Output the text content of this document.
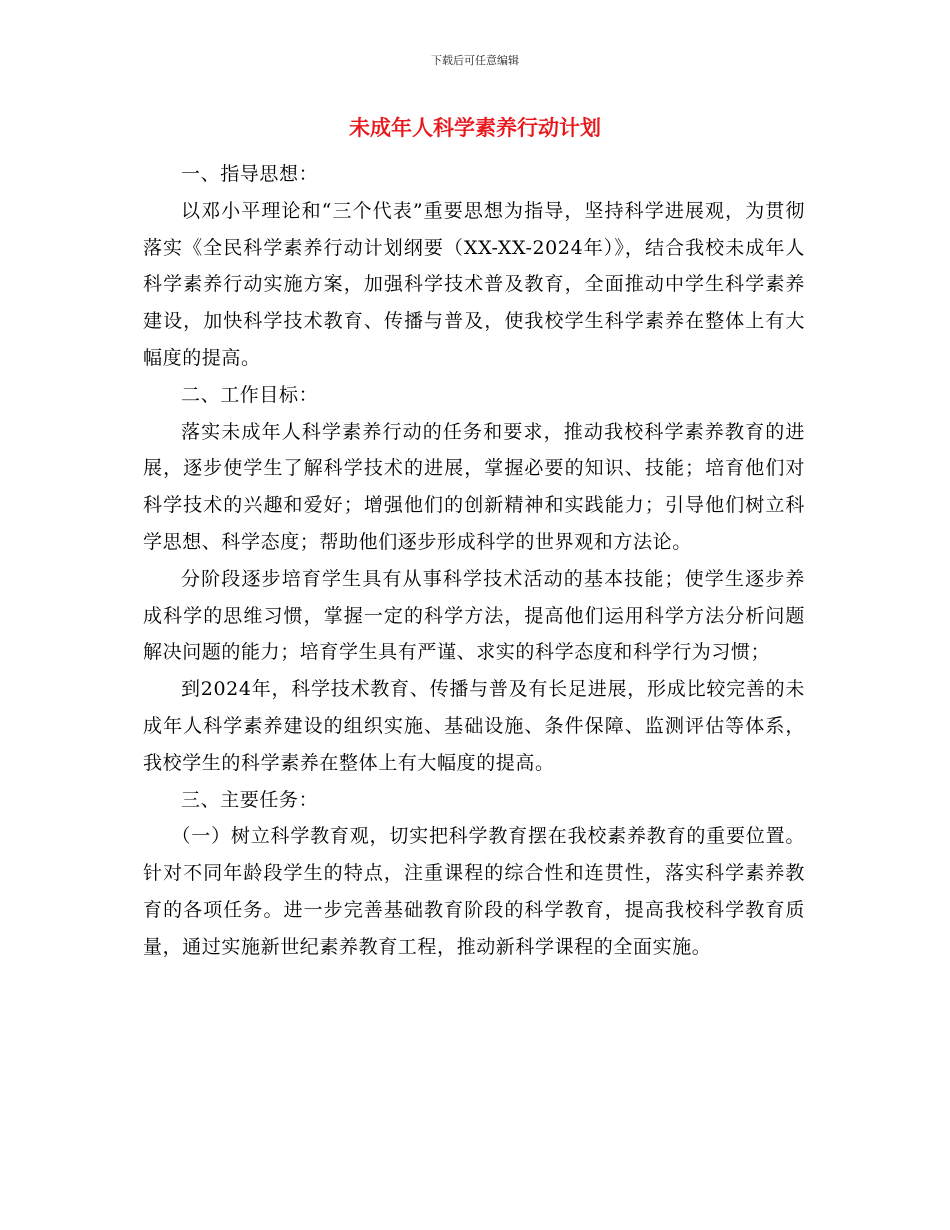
下载后可任意编辑
未成年人科学素养行动计划

一、指导思想：

以邓小平理论和“三个代表”重要思想为指导，坚持科学进展观，为贯彻落实《全民科学素养行动计划纲要（XX-XX-2024年）》，结合我校未成年人科学素养行动实施方案，加强科学技术普及教育，全面推动中学生科学素养建设，加快科学技术教育、传播与普及，使我校学生科学素养在整体上有大幅度的提高。

二、工作目标：

落实未成年人科学素养行动的任务和要求，推动我校科学素养教育的进展，逐步使学生了解科学技术的进展，掌握必要的知识、技能；培育他们对科学技术的兴趣和爱好；增强他们的创新精神和实践能力；引导他们树立科学思想、科学态度；帮助他们逐步形成科学的世界观和方法论。

分阶段逐步培育学生具有从事科学技术活动的基本技能；使学生逐步养成科学的思维习惯，掌握一定的科学方法，提高他们运用科学方法分析问题解决问题的能力；培育学生具有严谨、求实的科学态度和科学行为习惯；

到2024年，科学技术教育、传播与普及有长足进展，形成比较完善的未成年人科学素养建设的组织实施、基础设施、条件保障、监测评估等体系，我校学生的科学素养在整体上有大幅度的提高。

三、主要任务：

（一）树立科学教育观，切实把科学教育摆在我校素养教育的重要位置。针对不同年龄段学生的特点，注重课程的综合性和连贯性，落实科学素养教育的各项任务。进一步完善基础教育阶段的科学教育，提高我校科学教育质量，通过实施新世纪素养教育工程，推动新科学课程的全面实施。
